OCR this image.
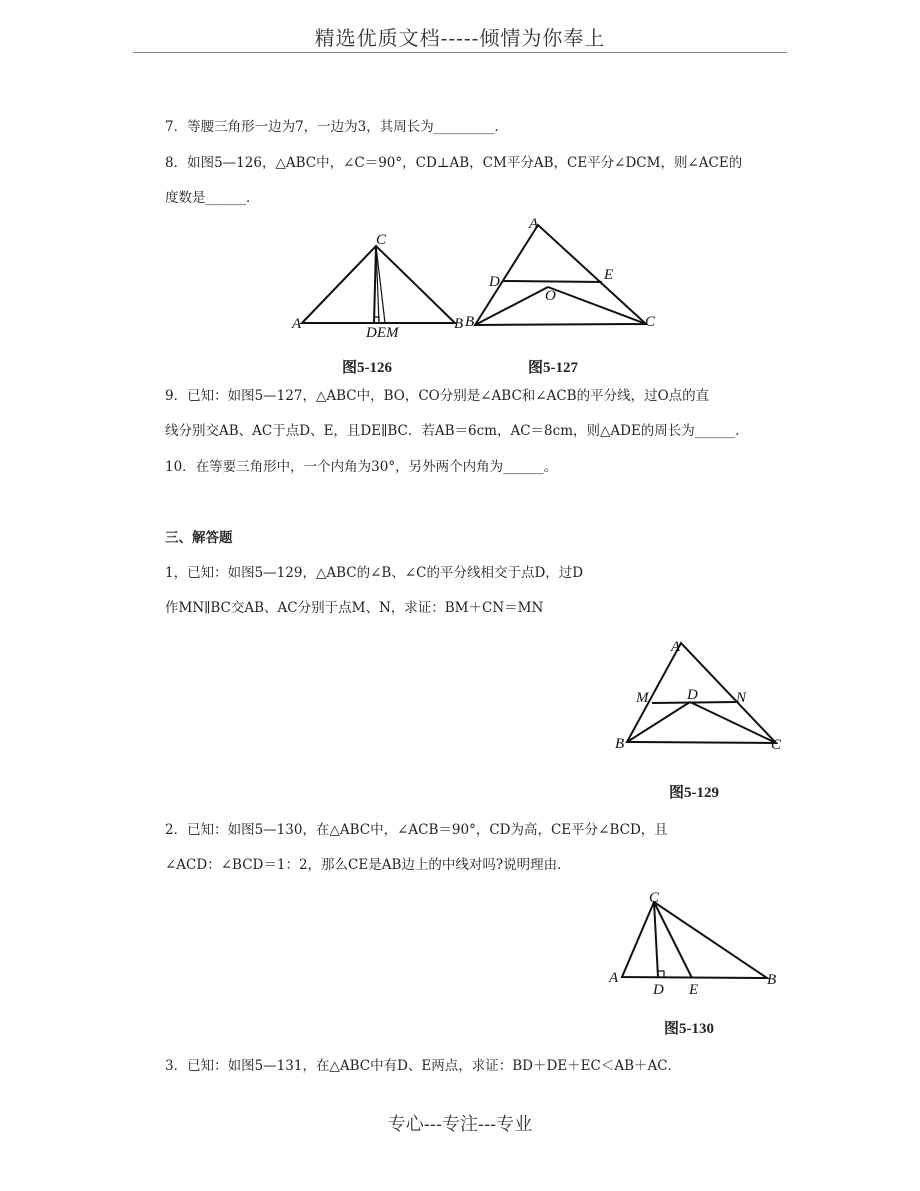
精选优质文档-----倾情为你奉上
7．等腰三角形一边为7，一边为3，其周长为_________．
8．如图5—126，△ABC中，∠C＝90°，CD⊥AB，CM平分AB，CE平分∠DCM，则∠ACE的
度数是______．
C
A	B
DEM
图5-126
A
D	E
O
B	C
图5-127
9．已知：如图5—127，△ABC中，BO，CO分别是∠ABC和∠ACB的平分线，过O点的直
线分别交AB、AC于点D、E，且DE∥BC．若AB＝6cm，AC＝8cm，则△ADE的周长为______．
10．在等要三角形中，一个内角为30°，另外两个内角为______。
三、解答题
1，已知：如图5—129，△ABC的∠B、∠C的平分线相交于点D，过D
作MN∥BC交AB、AC分别于点M、N，求证：BM＋CN＝MN
A
M	D	N
B	C
图5-129
2．已知：如图5—130，在△ABC中，∠ACB＝90°，CD为高，CE平分∠BCD，且
∠ACD：∠BCD＝1：2，那么CE是AB边上的中线对吗?说明理由．
C
A
D E
B
图5-130
3．已知：如图5—131，在△ABC中有D、E两点，求证：BD＋DE＋EC＜AB＋AC．
专心---专注---专业
